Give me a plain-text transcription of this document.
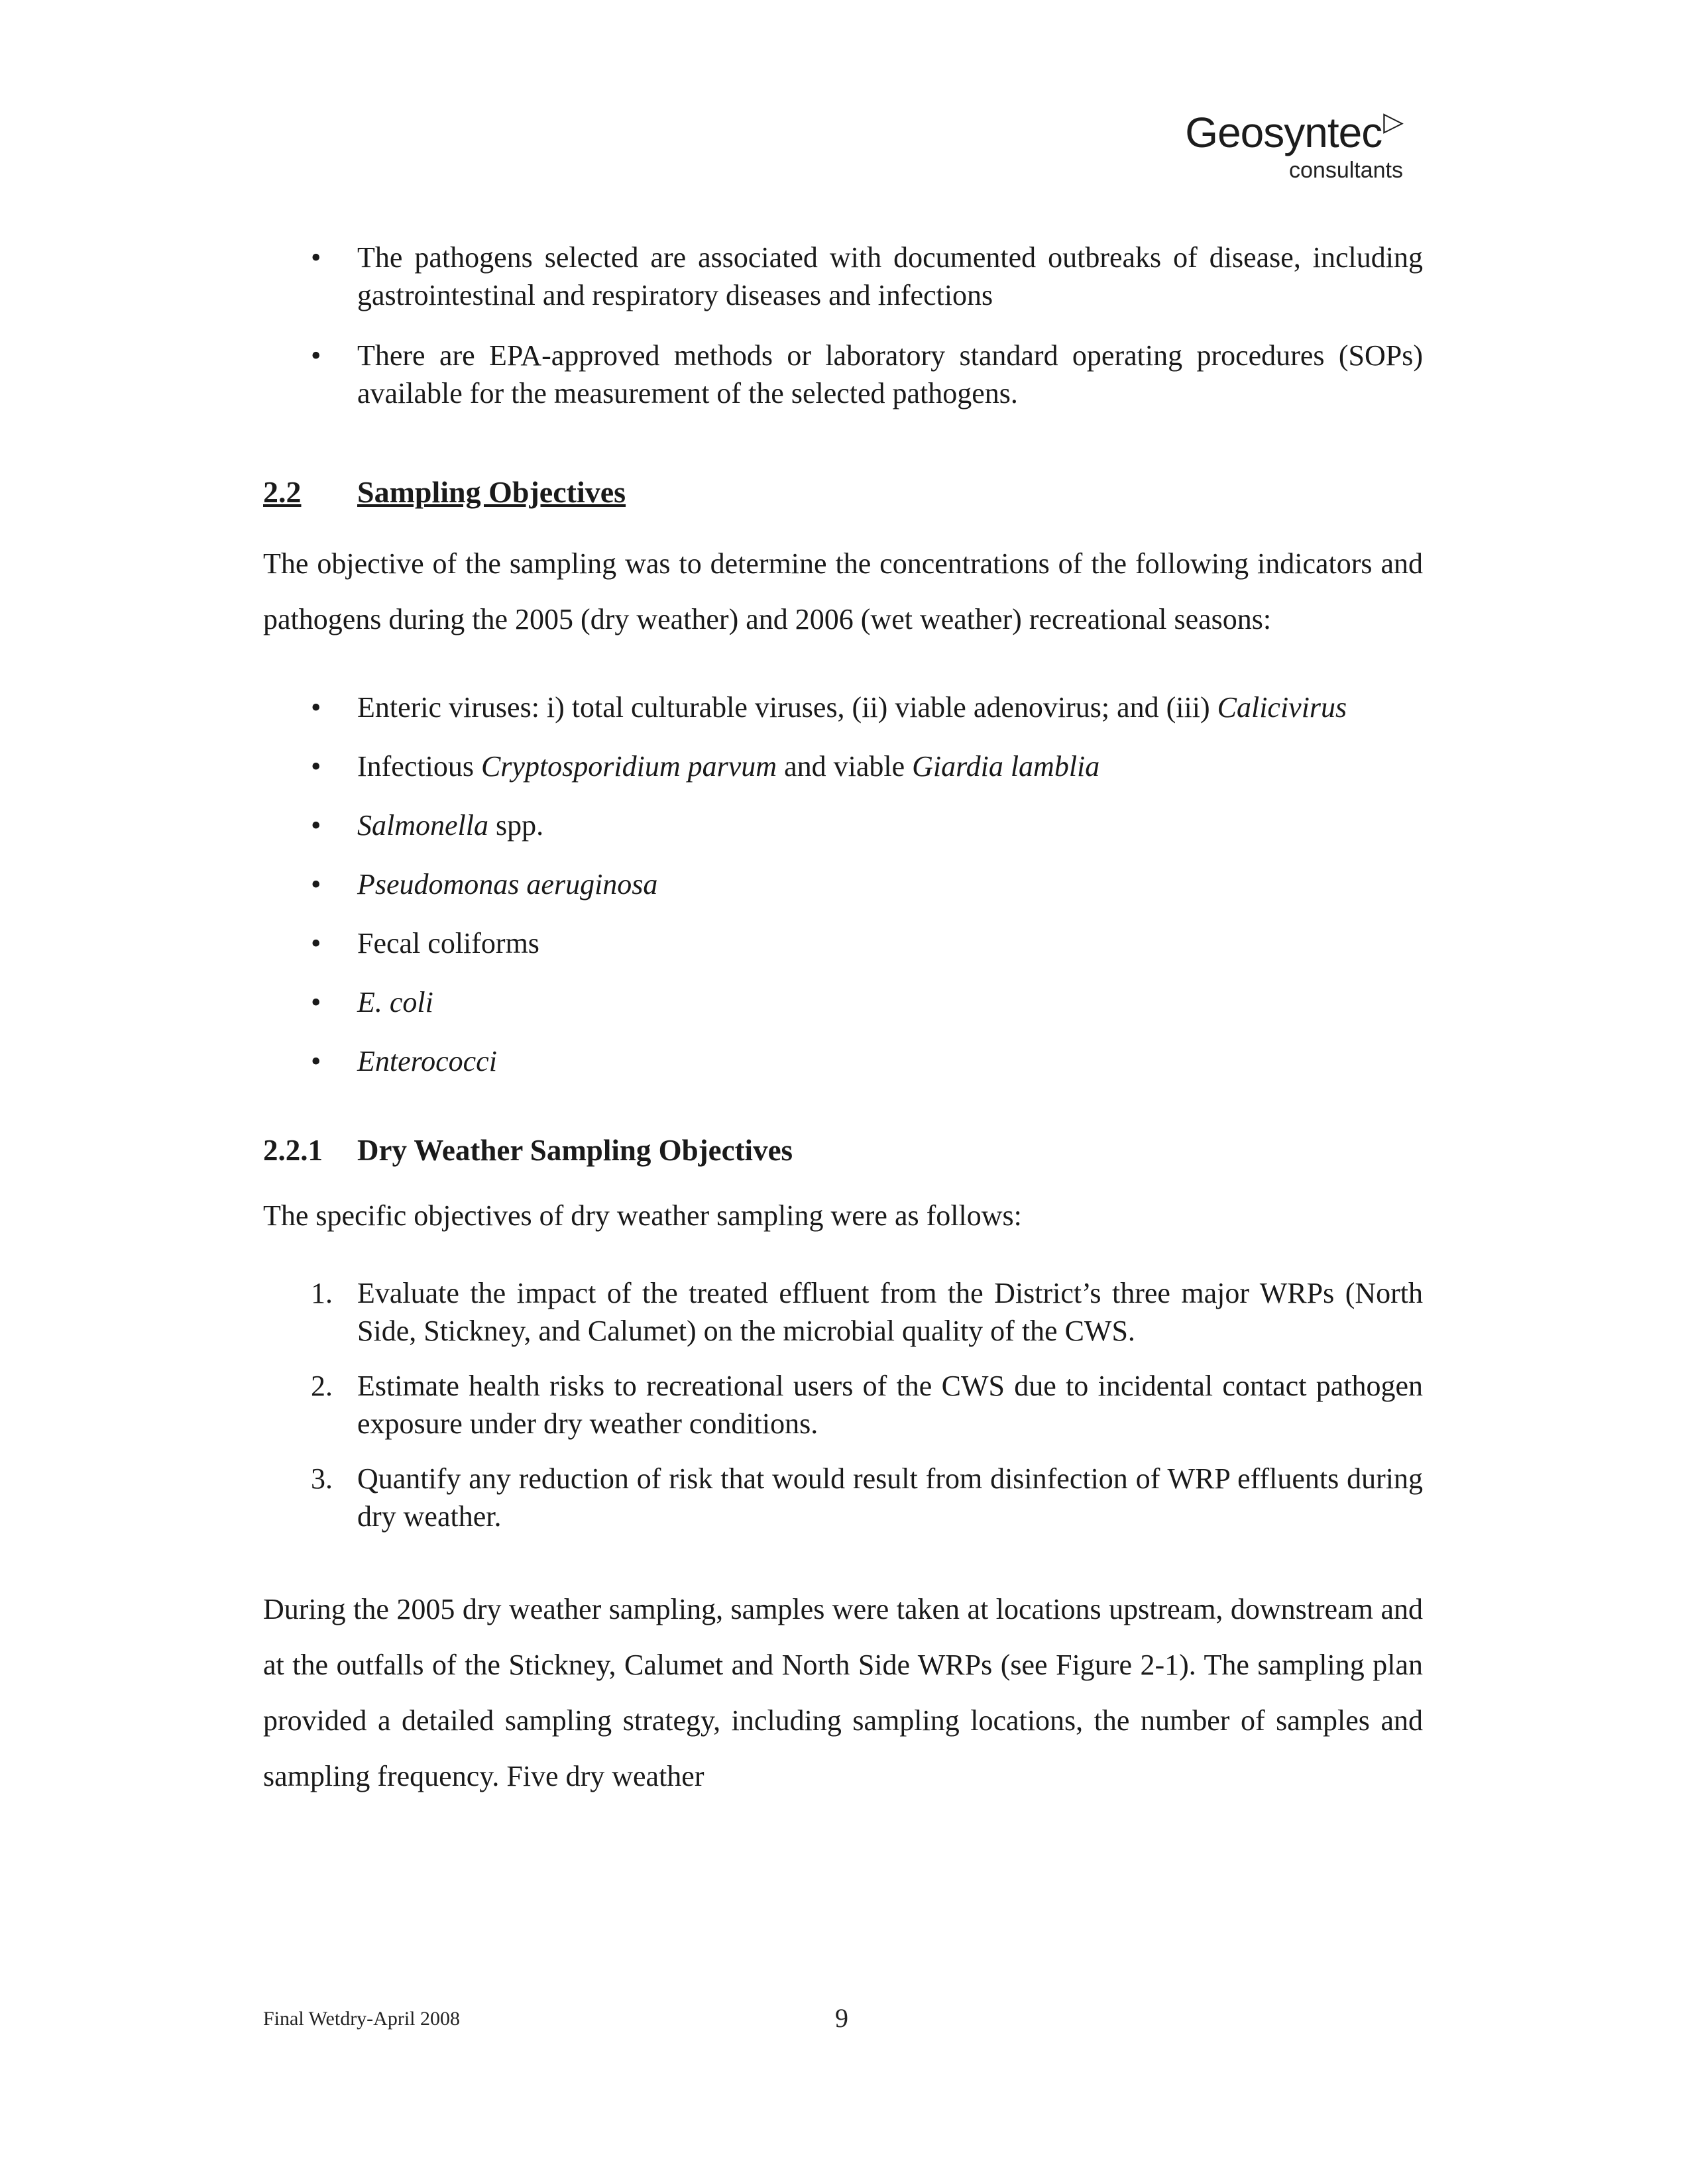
Geosyntec▷
consultants
• The pathogens selected are associated with documented outbreaks of disease, including gastrointestinal and respiratory diseases and infections
• There are EPA-approved methods or laboratory standard operating procedures (SOPs) available for the measurement of the selected pathogens.
2.2 Sampling Objectives

The objective of the sampling was to determine the concentrations of the following indicators and pathogens during the 2005 (dry weather) and 2006 (wet weather) recreational seasons:

• Enteric viruses: i) total culturable viruses, (ii) viable adenovirus; and (iii) Calicivirus
• Infectious Cryptosporidium parvum and viable Giardia lamblia
• Salmonella spp.
• Pseudomonas aeruginosa
• Fecal coliforms
• E. coli
• Enterococci
2.2.1 Dry Weather Sampling Objectives

The specific objectives of dry weather sampling were as follows:

1. Evaluate the impact of the treated effluent from the District’s three major WRPs (North Side, Stickney, and Calumet) on the microbial quality of the CWS.
2. Estimate health risks to recreational users of the CWS due to incidental contact pathogen exposure under dry weather conditions.
3. Quantify any reduction of risk that would result from disinfection of WRP effluents during dry weather.

During the 2005 dry weather sampling, samples were taken at locations upstream, downstream and at the outfalls of the Stickney, Calumet and North Side WRPs (see Figure 2-1). The sampling plan provided a detailed sampling strategy, including sampling locations, the number of samples and sampling frequency. Five dry weather

Final Wetdry-April 2008	9
